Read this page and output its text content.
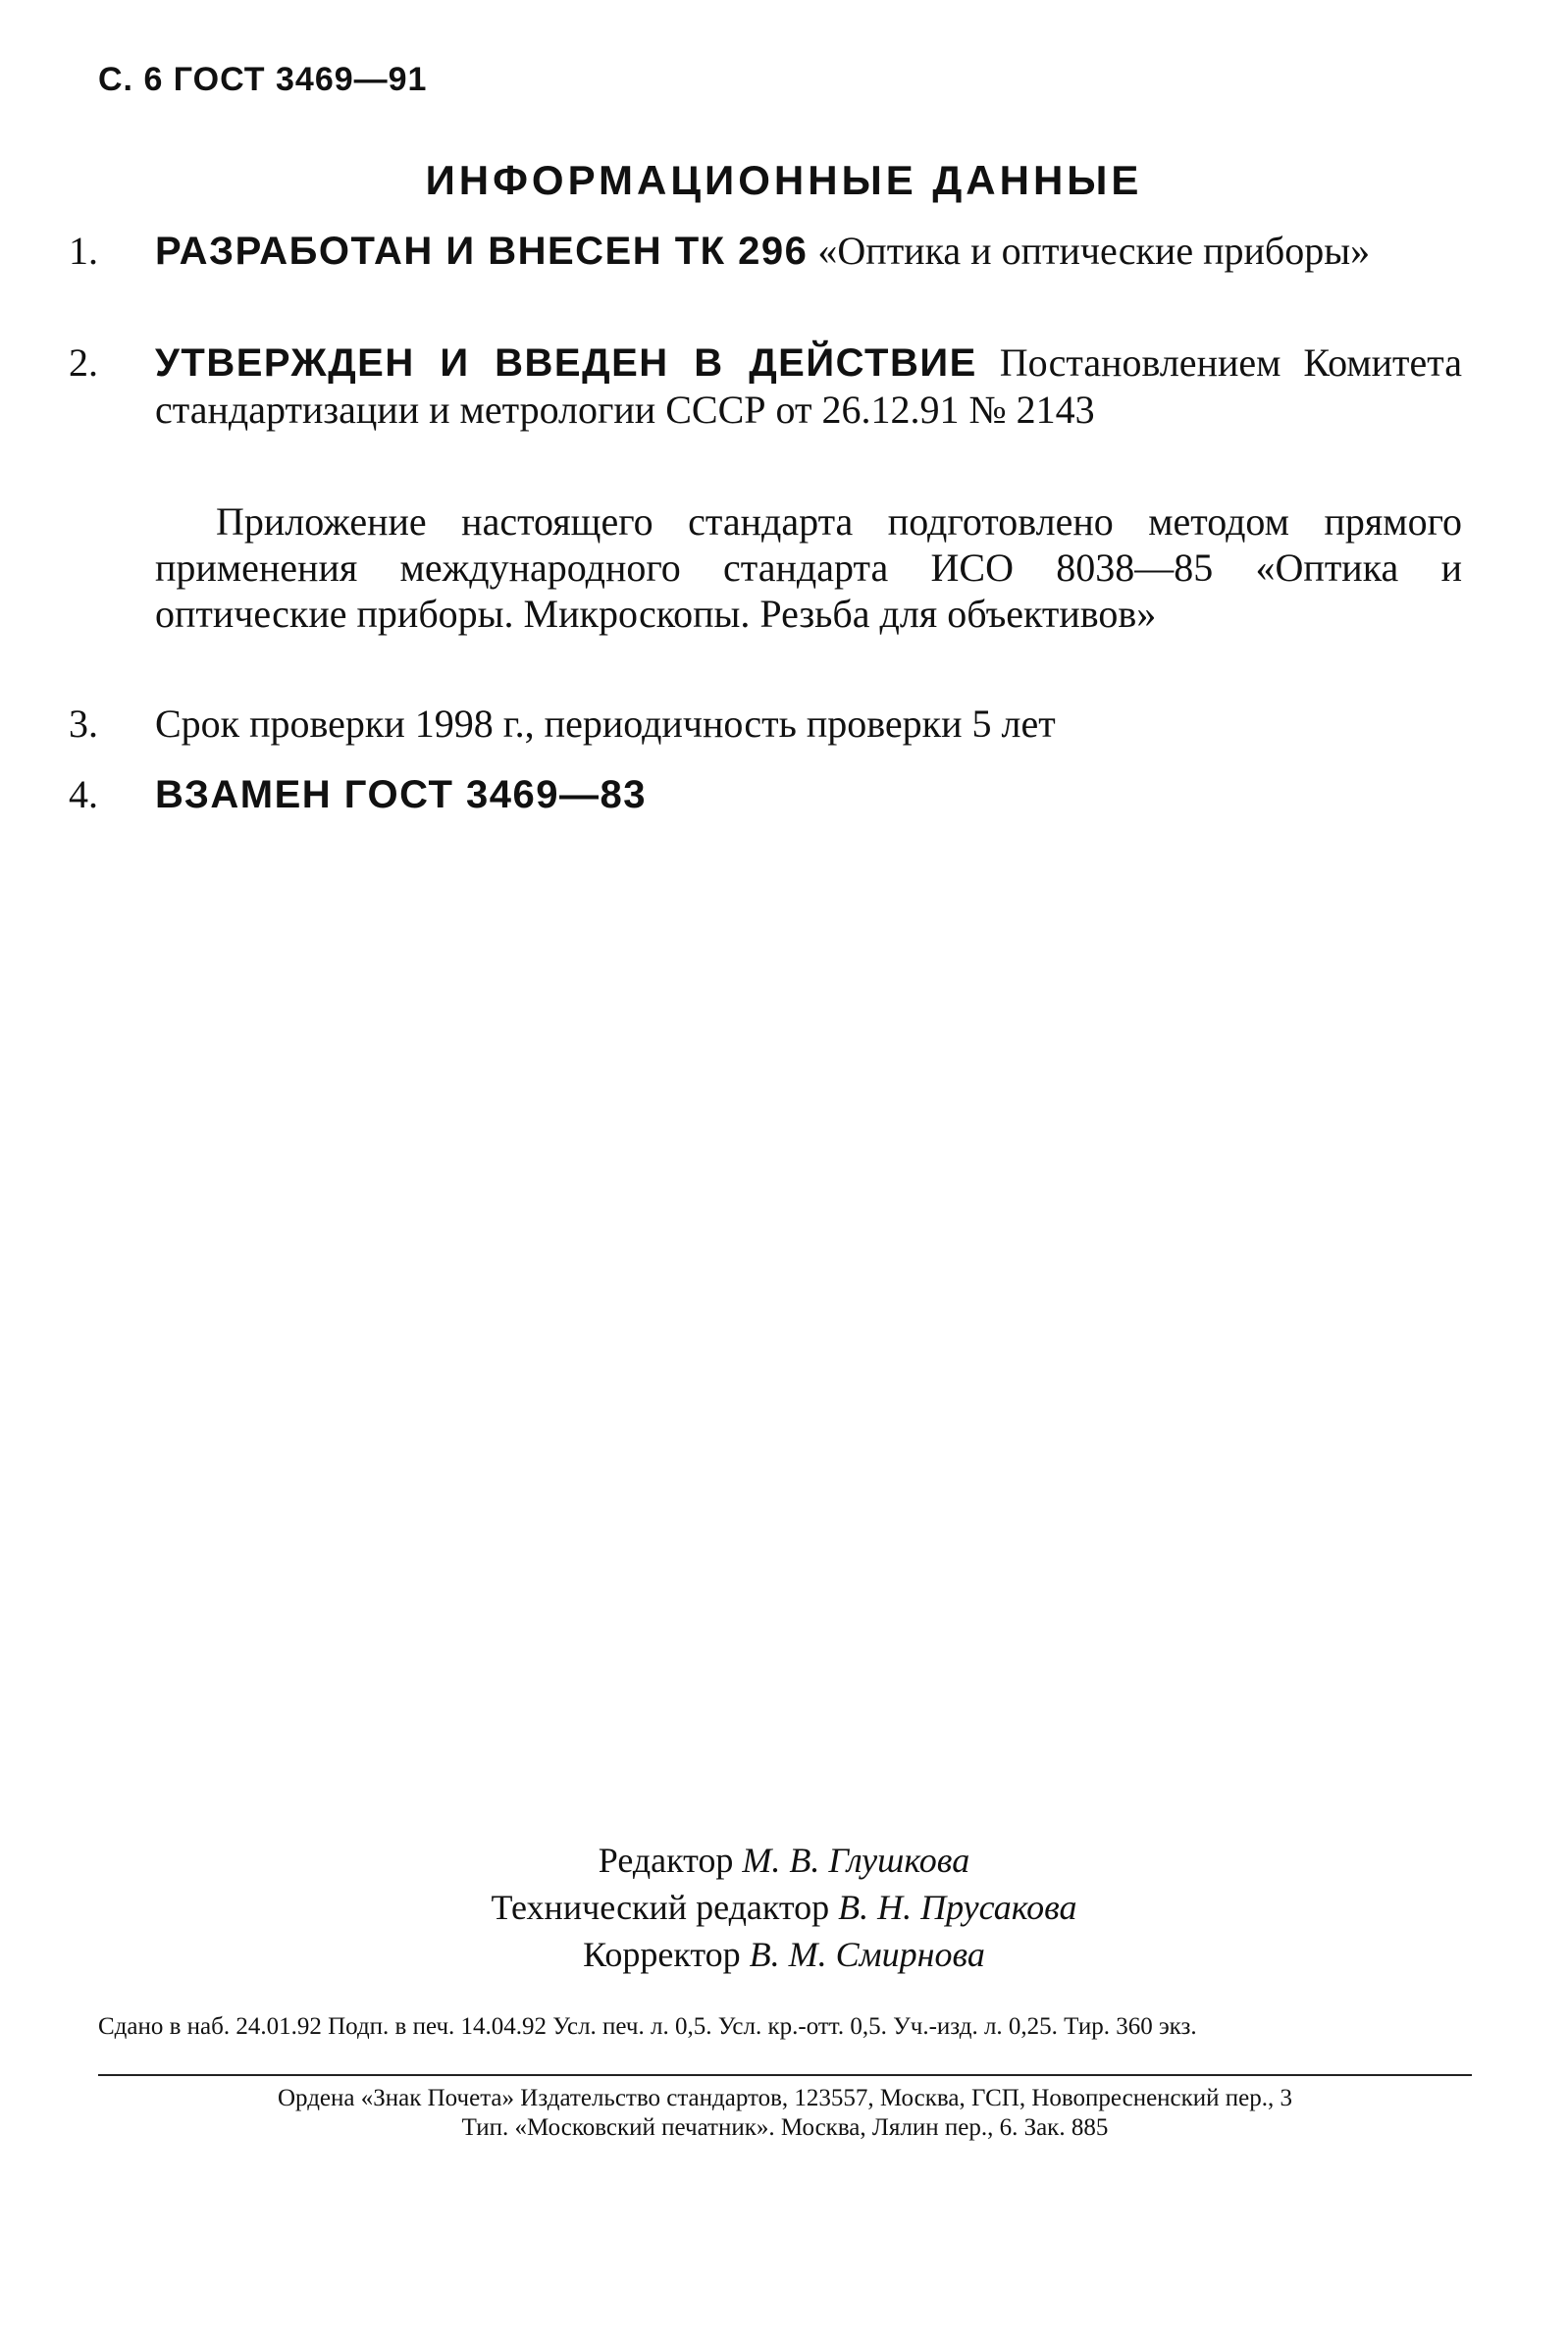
С. 6 ГОСТ 3469—91
ИНФОРМАЦИОННЫЕ ДАННЫЕ
1.	РАЗРАБОТАН И ВНЕСЕН ТК 296 «Оптика и оптические приборы»
2.	УТВЕРЖДЕН И ВВЕДЕН В ДЕЙСТВИЕ Постановлением Комитета стандартизации и метрологии СССР от 26.12.91 № 2143
Приложение настоящего стандарта подготовлено методом прямого применения международного стандарта ИСО 8038—85 «Оптика и оптические приборы. Микроскопы. Резьба для объективов»
3.	Срок проверки 1998 г., периодичность проверки 5 лет
4.	ВЗАМЕН ГОСТ 3469—83
Редактор М. В. Глушкова
Технический редактор В. Н. Прусакова
Корректор В. М. Смирнова
Сдано в наб. 24.01.92 Подп. в печ. 14.04.92 Усл. печ. л. 0,5. Усл. кр.-отт. 0,5. Уч.-изд. л. 0,25. Тир. 360 экз.
Ордена «Знак Почета» Издательство стандартов, 123557, Москва, ГСП, Новопресненский пер., 3
Тип. «Московский печатник». Москва, Лялин пер., 6. Зак. 885
